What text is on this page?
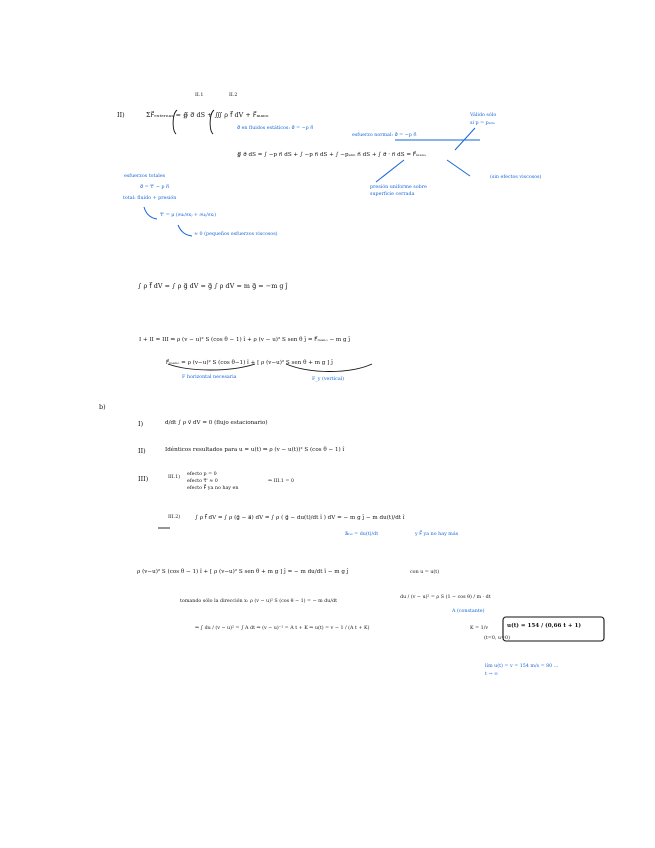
II)
II.1	II.2
ΣF⃗ₑₓₜₑᵣₙₐₛ = ∯ σ⃗ dS + ∭ ρ f⃗ dV + F⃗ₘₐₙₒ
σ⃗ en fluidos estáticos: σ⃗ = −p n⃗
esfuerzo normal: σ⃗ = −p n⃗
Válido sólo
si p = pₐₜₘ
∯ σ⃗ dS = ∫ −p n⃗ dS + ∫ −p n⃗ dS + ∫ −pₐₜₘ n⃗ dS + ∫ σ⃗ · n⃗ dS = F⃗ₘₐₙₒ
presión uniforme sobre superficie cerrada
(sin efectos viscosos)
esfuerzos totales
σ⃗ = τ⃗' − p n⃗
total: fluido + presión
τ⃗' = μ (∂uᵢ/∂xⱼ + ∂uⱼ/∂xᵢ)
≈ 0 (pequeños esfuerzos viscosos)
∫ ρ f⃗ dV = ∫ ρ g⃗ dV = g⃗ ∫ ρ dV = m g⃗ = −m g ĵ
I + II = III ⇒ ρ (v − u)² S (cos θ − 1) î + ρ (v − u)² S sen θ ĵ = F⃗ₘₐₙₒ − m g ĵ
F⃗ₘₐₙₒ = ρ (v−u)² S (cos θ−1) î + [ ρ (v−u)² S sen θ + m g ] ĵ
F horizontal necesaria	F_y (vertical)
b)
I)	d/dt ∫ ρ v⃗ dV = 0 (flujo estacionario)
II)	Idénticos resultados para u = u(t) ⇒ ρ (v − u(t))² S (cos θ − 1) î
III)	III.1)
efecto p = 0
efecto τ⃗' ≈ 0
efecto F⃗ ya no hay en
⇒ III.1 = 0
III.2)	∫ ρ f⃗ dV = ∫ ρ (g⃗ − a⃗) dV = ∫ ρ ( g⃗ − du(t)/dt î ) dV = − m g ĵ − m du(t)/dt î
a⃗ᵣₑₗ = du(t)/dt	y F⃗ ya no hay más
ρ (v−u)² S (cos θ − 1) î + [ ρ (v−u)² S sen θ + m g ] ĵ = − m du/dt î − m g ĵ	con u = u(t)
tomando sólo la dirección x: ρ (v − u)² S (cos θ − 1) = − m du/dt
du / (v − u)² = ρ S (1 − cos θ) / m · dt
A (constante)
⇒ ∫ du / (v − u)² = ∫ A dt ⇒ (v − u)⁻¹ = A t + K ⇒ u(t) = v − 1 / (A t + K)	K = 1/v
(t=0, u=0)
u(t) = 154 / (0,66 t + 1)
lím u(t) = v = 154 m/s = 80 …
t → ∞
